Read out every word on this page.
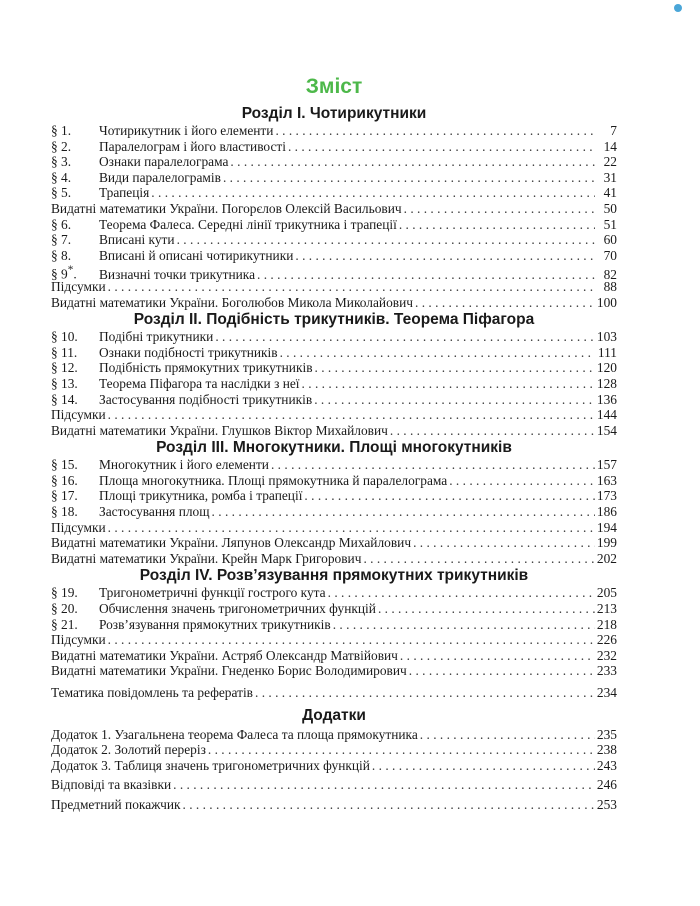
Зміст
Розділ I. Чотирикутники
§ 1.	Чотирикутник і його елементи . . .	7
§ 2.	Паралелограм і його властивості . . .	14
§ 3.	Ознаки паралелограма . . .	22
§ 4.	Види паралелограмів . . .	31
§ 5.	Трапеція . . .	41
Видатні математики України. Погорєлов Олексій Васильович . . .	50
§ 6.	Теорема Фалеса. Середні лінії трикутника і трапеції . . .	51
§ 7.	Вписані кути . . .	60
§ 8.	Вписані й описані чотирикутники . . .	70
§ 9*.	Визначні точки трикутника . . .	82
Підсумки . . .	88
Видатні математики України. Боголюбов Микола Миколайович . . .	100
Розділ II. Подібність трикутників. Теорема Піфагора
§ 10.	Подібні трикутники . . .	103
§ 11.	Ознаки подібності трикутників . . .	111
§ 12.	Подібність прямокутних трикутників . . .	120
§ 13.	Теорема Піфагора та наслідки з неї . . .	128
§ 14.	Застосування подібності трикутників . . .	136
Підсумки . . .	144
Видатні математики України. Глушков Віктор Михайлович . . .	154
Розділ III. Многокутники. Площі многокутників
§ 15.	Многокутник і його елементи . . .	157
§ 16.	Площа многокутника. Площі прямокутника й паралелограма . . .	163
§ 17.	Площі трикутника, ромба і трапеції . . .	173
§ 18.	Застосування площ . . .	186
Підсумки . . .	194
Видатні математики України. Ляпунов Олександр Михайлович . . .	199
Видатні математики України. Крейн Марк Григорович . . .	202
Розділ IV. Розв’язування прямокутних трикутників
§ 19.	Тригонометричні функції гострого кута . . .	205
§ 20.	Обчислення значень тригонометричних функцій . . .	213
§ 21.	Розв’язування прямокутних трикутників . . .	218
Підсумки . . .	226
Видатні математики України. Астряб Олександр Матвійович . . .	232
Видатні математики України. Гнеденко Борис Володимирович . . .	233
Тематика повідомлень та рефератів . . .	234
Додатки
Додаток 1. Узагальнена теорема Фалеса та площа прямокутника . . .	235
Додаток 2. Золотий переріз . . .	238
Додаток 3. Таблиця значень тригонометричних функцій . . .	243
Відповіді та вказівки . . .	246
Предметний покажчик . . .	253
